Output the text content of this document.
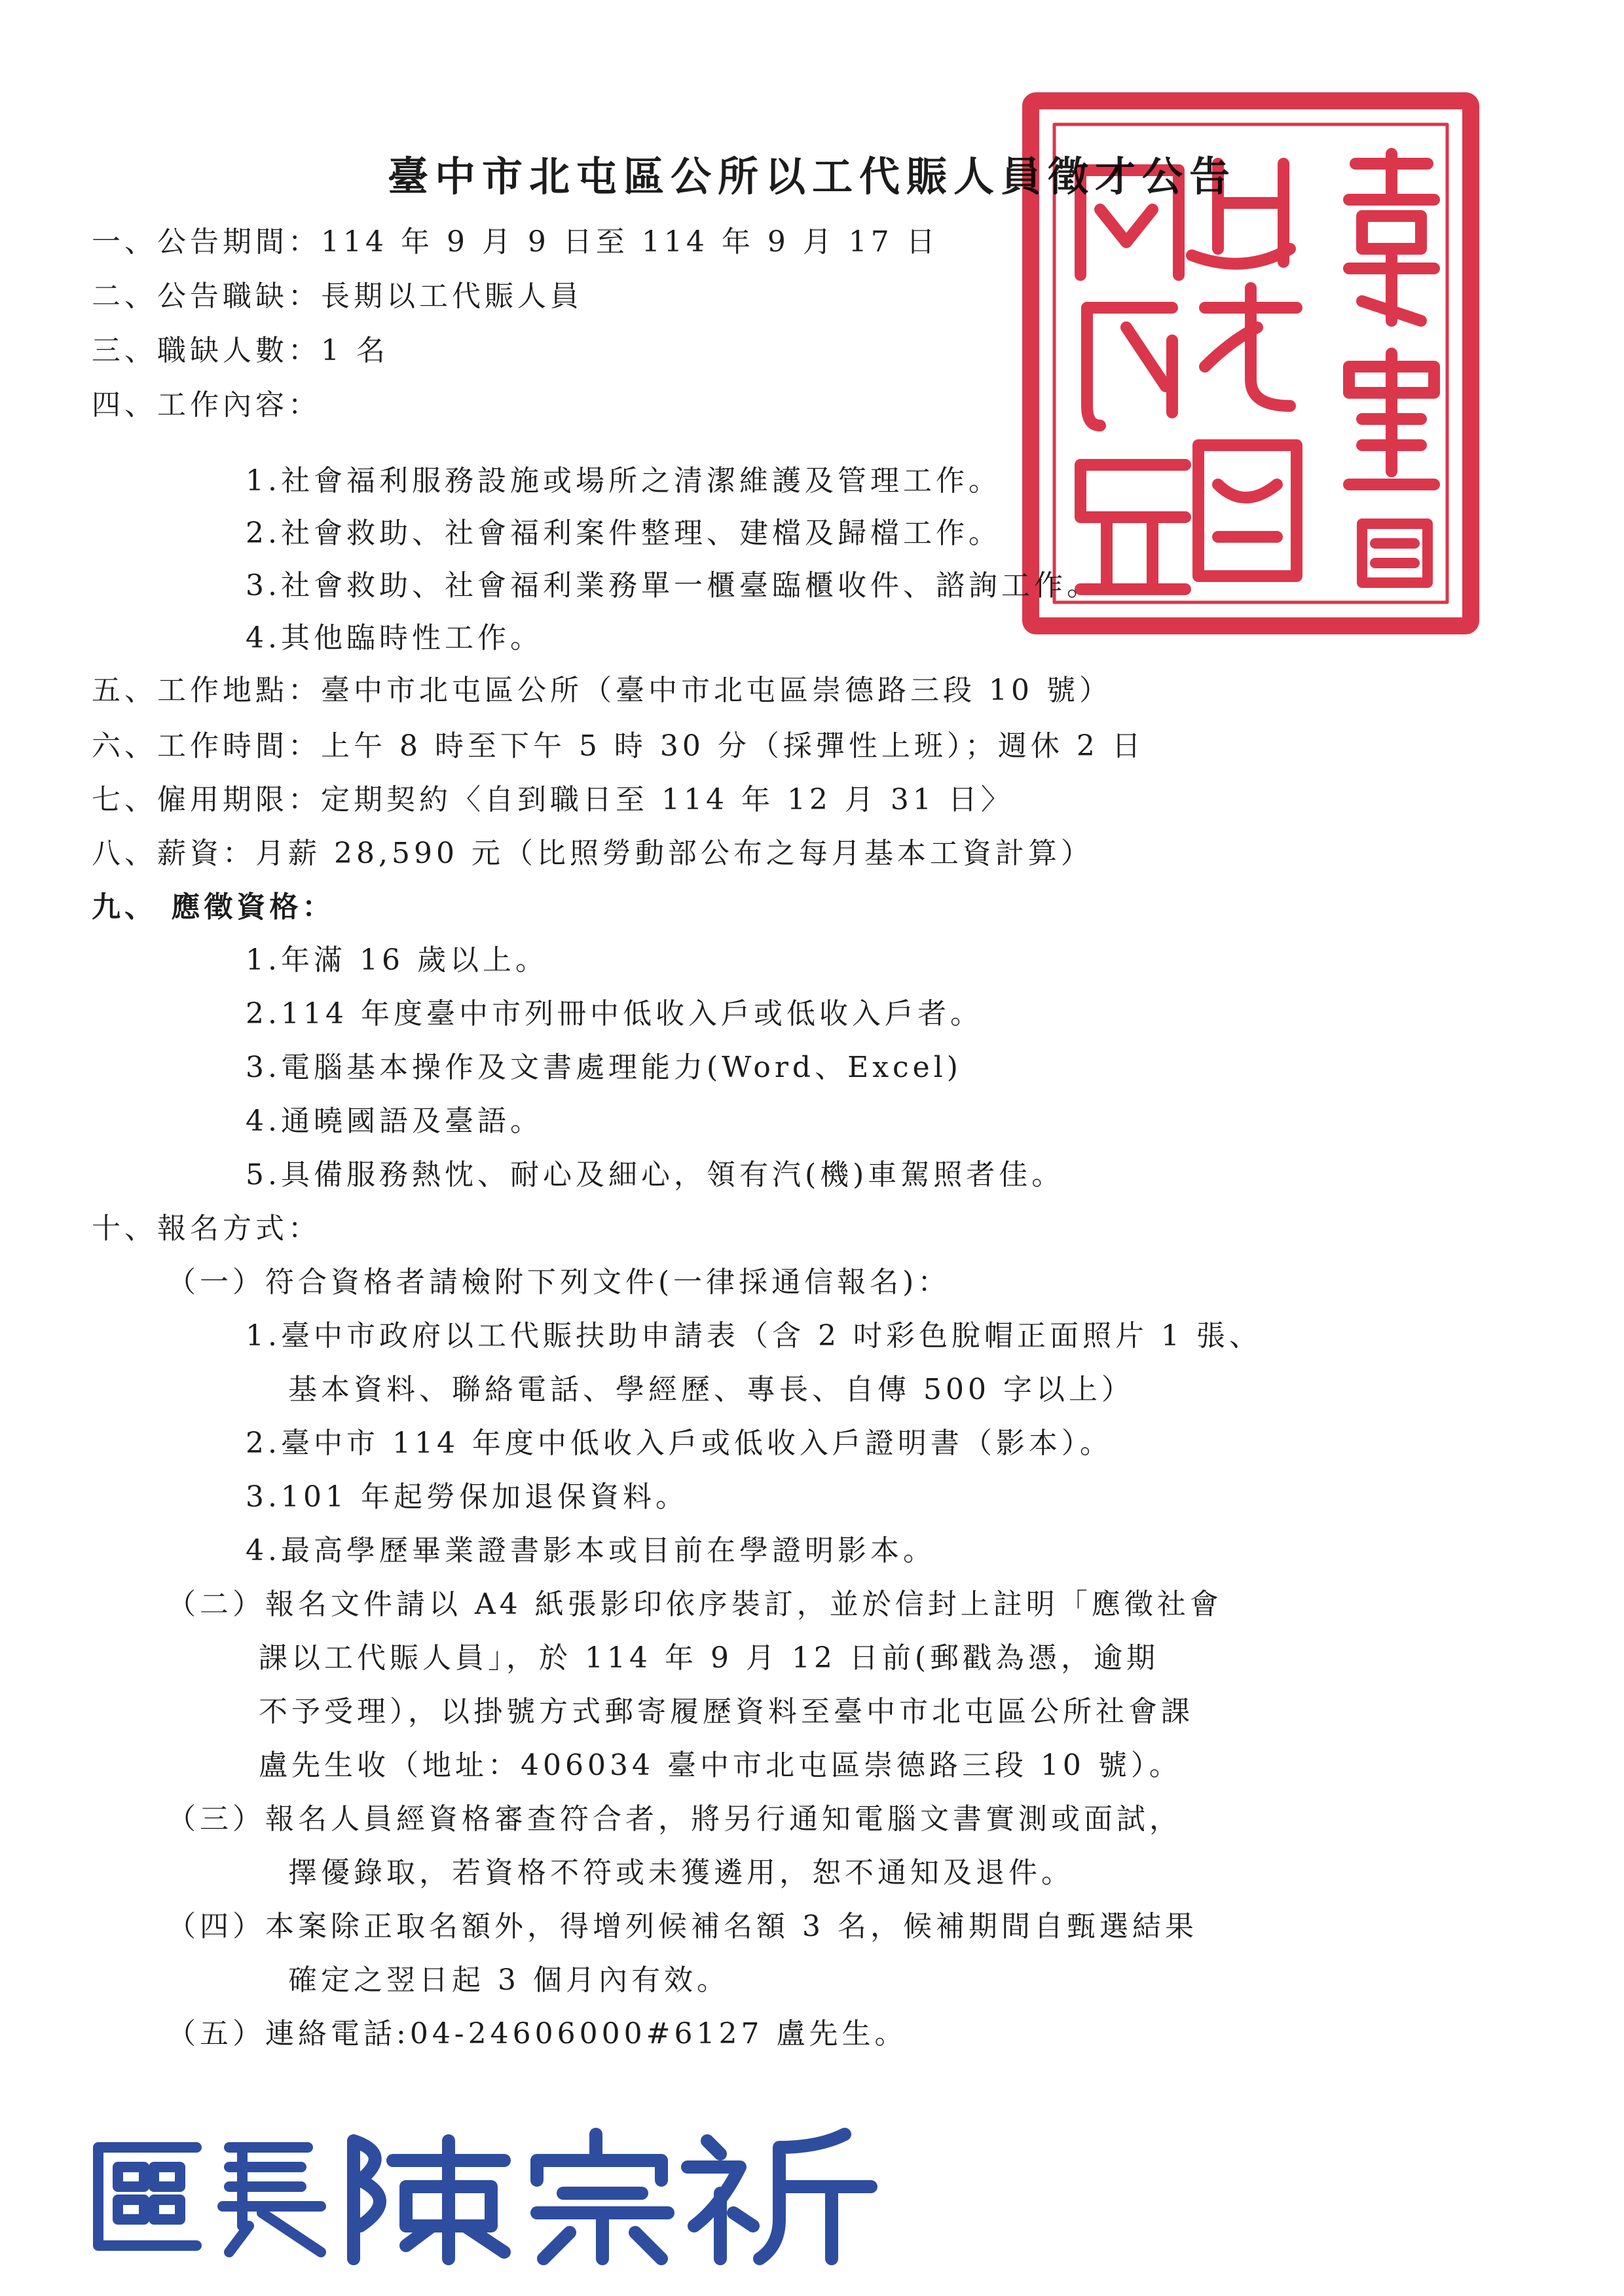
臺中市北屯區公所以工代賑人員徵才公告
一、公告期間：114 年 9 月 9 日至 114 年 9 月 17 日
二、公告職缺：長期以工代賑人員
三、職缺人數：1 名
四、工作內容：
1.社會福利服務設施或場所之清潔維護及管理工作。
2.社會救助、社會福利案件整理、建檔及歸檔工作。
3.社會救助、社會福利業務單一櫃臺臨櫃收件、諮詢工作。
4.其他臨時性工作。
五、工作地點：臺中市北屯區公所（臺中市北屯區崇德路三段 10 號）
六、工作時間：上午 8 時至下午 5 時 30 分（採彈性上班）；週休 2 日
七、僱用期限：定期契約〈自到職日至 114 年 12 月 31 日〉
八、薪資：月薪 28,590 元（比照勞動部公布之每月基本工資計算）
九、 應徵資格：
1.年滿 16 歲以上。
2.114 年度臺中市列冊中低收入戶或低收入戶者。
3.電腦基本操作及文書處理能力(Word、Excel)
4.通曉國語及臺語。
5.具備服務熱忱、耐心及細心，領有汽(機)車駕照者佳。
十、報名方式：
（一）符合資格者請檢附下列文件(一律採通信報名)：
1.臺中市政府以工代賑扶助申請表（含 2 吋彩色脫帽正面照片 1 張、
基本資料、聯絡電話、學經歷、專長、自傳 500 字以上）
2.臺中市 114 年度中低收入戶或低收入戶證明書（影本）。
3.101 年起勞保加退保資料。
4.最高學歷畢業證書影本或目前在學證明影本。
（二）報名文件請以 A4 紙張影印依序裝訂，並於信封上註明「應徵社會
課以工代賑人員」，於 114 年 9 月 12 日前(郵戳為憑，逾期
不予受理），以掛號方式郵寄履歷資料至臺中市北屯區公所社會課
盧先生收（地址：406034 臺中市北屯區崇德路三段 10 號）。
（三）報名人員經資格審查符合者，將另行通知電腦文書實測或面試，
擇優錄取，若資格不符或未獲遴用，恕不通知及退件。
（四）本案除正取名額外，得增列候補名額 3 名，候補期間自甄選結果
確定之翌日起 3 個月內有效。
（五）連絡電話:04-24606000#6127 盧先生。
